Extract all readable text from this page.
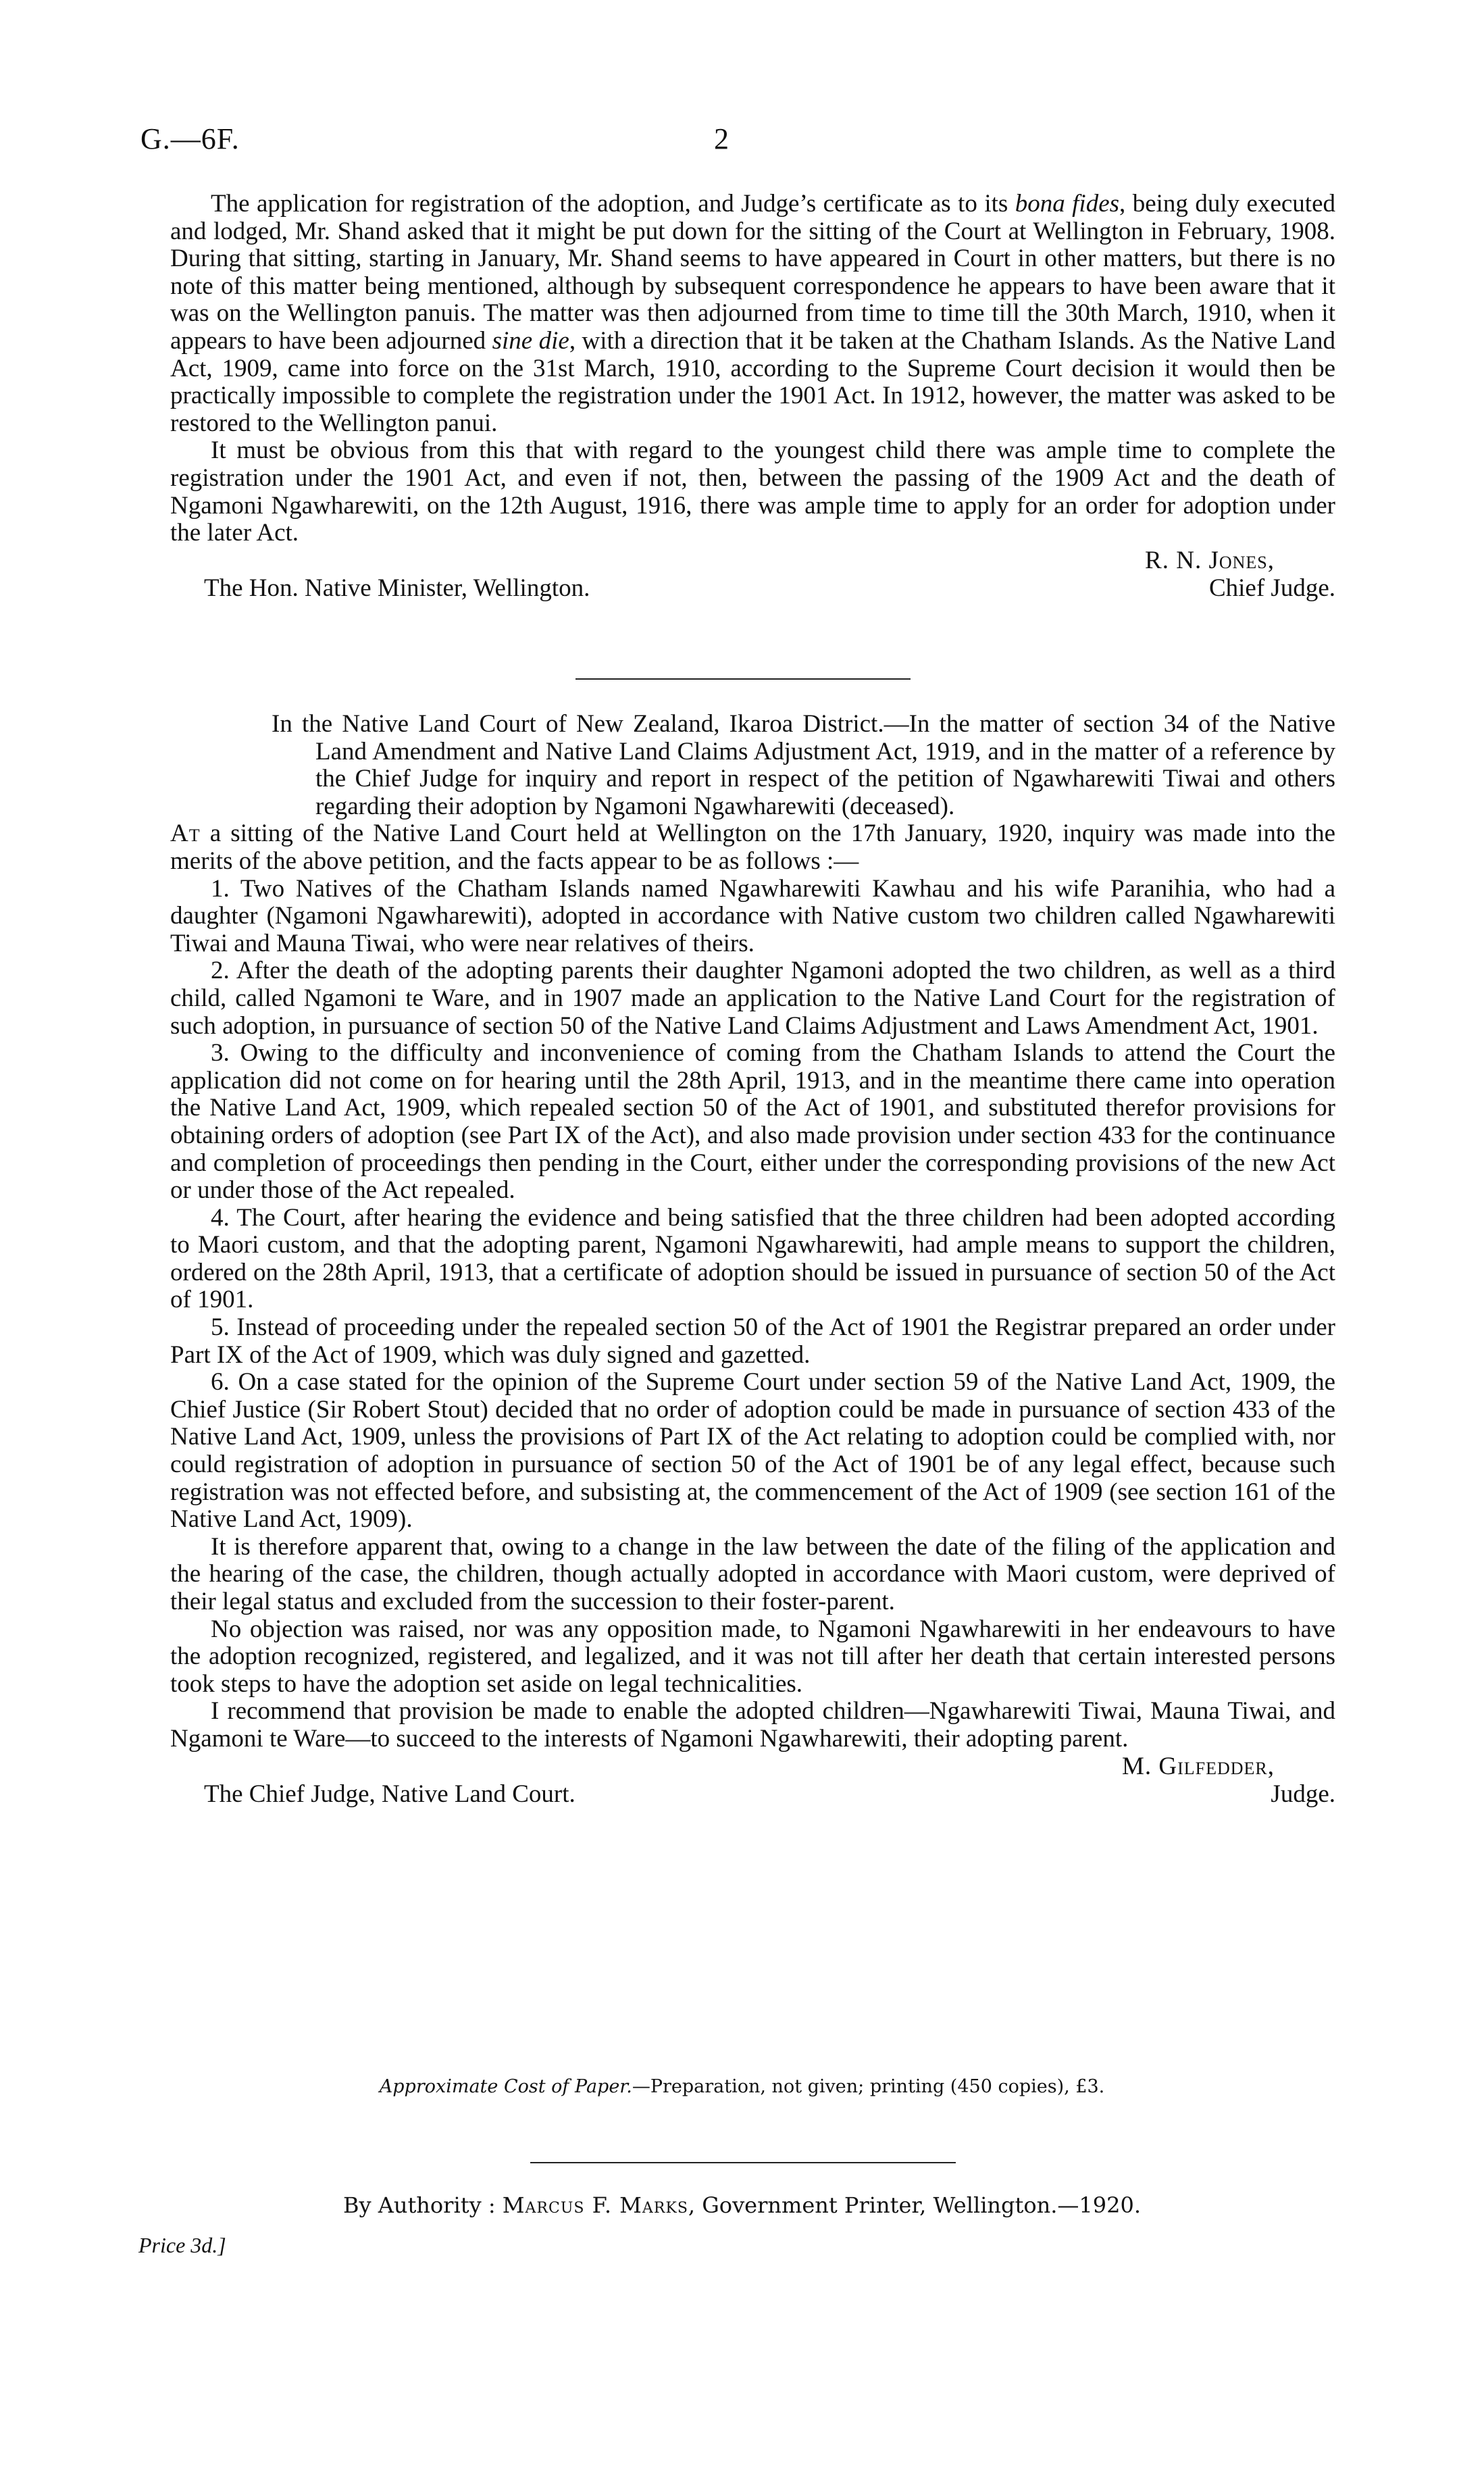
G.—6F.	2

The application for registration of the adoption, and Judge’s certificate as to its bona fides, being duly executed and lodged, Mr. Shand asked that it might be put down for the sitting of the Court at Wellington in February, 1908. During that sitting, starting in January, Mr. Shand seems to have appeared in Court in other matters, but there is no note of this matter being mentioned, although by subsequent correspondence he appears to have been aware that it was on the Wellington panuis. The matter was then adjourned from time to time till the 30th March, 1910, when it appears to have been adjourned sine die, with a direction that it be taken at the Chatham Islands. As the Native Land Act, 1909, came into force on the 31st March, 1910, according to the Supreme Court decision it would then be practically impossible to complete the registration under the 1901 Act. In 1912, however, the matter was asked to be restored to the Wellington panui.

It must be obvious from this that with regard to the youngest child there was ample time to complete the registration under the 1901 Act, and even if not, then, between the passing of the 1909 Act and the death of Ngamoni Ngawharewiti, on the 12th August, 1916, there was ample time to apply for an order for adoption under the later Act.

R. N. Jones,
Chief Judge.
The Hon. Native Minister, Wellington.

In the Native Land Court of New Zealand, Ikaroa District.—In the matter of section 34 of the Native Land Amendment and Native Land Claims Adjustment Act, 1919, and in the matter of a reference by the Chief Judge for inquiry and report in respect of the petition of Ngawharewiti Tiwai and others regarding their adoption by Ngamoni Ngawharewiti (deceased).

At a sitting of the Native Land Court held at Wellington on the 17th January, 1920, inquiry was made into the merits of the above petition, and the facts appear to be as follows :—

1. Two Natives of the Chatham Islands named Ngawharewiti Kawhau and his wife Paranihia, who had a daughter (Ngamoni Ngawharewiti), adopted in accordance with Native custom two children called Ngawharewiti Tiwai and Mauna Tiwai, who were near relatives of theirs.

2. After the death of the adopting parents their daughter Ngamoni adopted the two children, as well as a third child, called Ngamoni te Ware, and in 1907 made an application to the Native Land Court for the registration of such adoption, in pursuance of section 50 of the Native Land Claims Adjustment and Laws Amendment Act, 1901.

3. Owing to the difficulty and inconvenience of coming from the Chatham Islands to attend the Court the application did not come on for hearing until the 28th April, 1913, and in the meantime there came into operation the Native Land Act, 1909, which repealed section 50 of the Act of 1901, and substituted therefor provisions for obtaining orders of adoption (see Part IX of the Act), and also made provision under section 433 for the continuance and completion of proceedings then pending in the Court, either under the corresponding provisions of the new Act or under those of the Act repealed.

4. The Court, after hearing the evidence and being satisfied that the three children had been adopted according to Maori custom, and that the adopting parent, Ngamoni Ngawharewiti, had ample means to support the children, ordered on the 28th April, 1913, that a certificate of adoption should be issued in pursuance of section 50 of the Act of 1901.

5. Instead of proceeding under the repealed section 50 of the Act of 1901 the Registrar prepared an order under Part IX of the Act of 1909, which was duly signed and gazetted.

6. On a case stated for the opinion of the Supreme Court under section 59 of the Native Land Act, 1909, the Chief Justice (Sir Robert Stout) decided that no order of adoption could be made in pursuance of section 433 of the Native Land Act, 1909, unless the provisions of Part IX of the Act relating to adoption could be complied with, nor could registration of adoption in pursuance of section 50 of the Act of 1901 be of any legal effect, because such registration was not effected before, and subsisting at, the commencement of the Act of 1909 (see section 161 of the Native Land Act, 1909).

It is therefore apparent that, owing to a change in the law between the date of the filing of the application and the hearing of the case, the children, though actually adopted in accordance with Maori custom, were deprived of their legal status and excluded from the succession to their foster-parent.

No objection was raised, nor was any opposition made, to Ngamoni Ngawharewiti in her endeavours to have the adoption recognized, registered, and legalized, and it was not till after her death that certain interested persons took steps to have the adoption set aside on legal technicalities.

I recommend that provision be made to enable the adopted children—Ngawharewiti Tiwai, Mauna Tiwai, and Ngamoni te Ware—to succeed to the interests of Ngamoni Ngawharewiti, their adopting parent.

M. Gilfedder,
Judge.
The Chief Judge, Native Land Court.
Approximate Cost of Paper.—Preparation, not given; printing (450 copies), £3.
By Authority : Marcus F. Marks, Government Printer, Wellington.—1920.
Price 3d.]
